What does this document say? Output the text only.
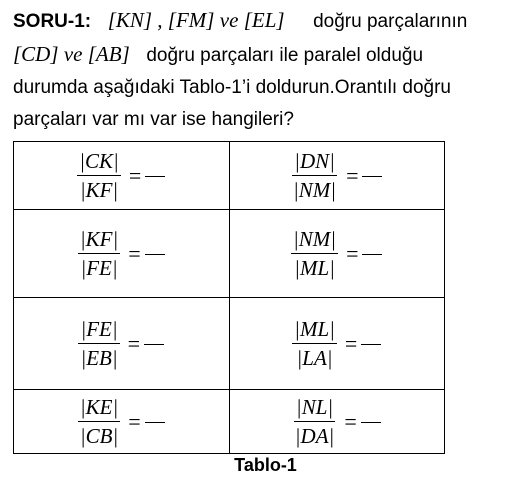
SORU-1: [KN] , [FM] ve [EL] doğru parçalarının
[CD] ve [AB] doğru parçaları ile paralel olduğu
durumda aşağıdaki Tablo-1’i doldurun.Orantılı doğru
parçaları var mı var ise hangileri?
$\frac{|CK|}{|KF|}$ =	$\frac{|DN|}{|NM|}$ =

$\frac{|KF|}{|FE|}$ =	$\frac{|NM|}{|ML|}$ =

$\frac{|FE|}{|EB|}$ =	$\frac{|ML|}{|LA|}$ =

$\frac{|KE|}{|CB|}$ =	$\frac{|NL|}{|DA|}$ =
Tablo-1
